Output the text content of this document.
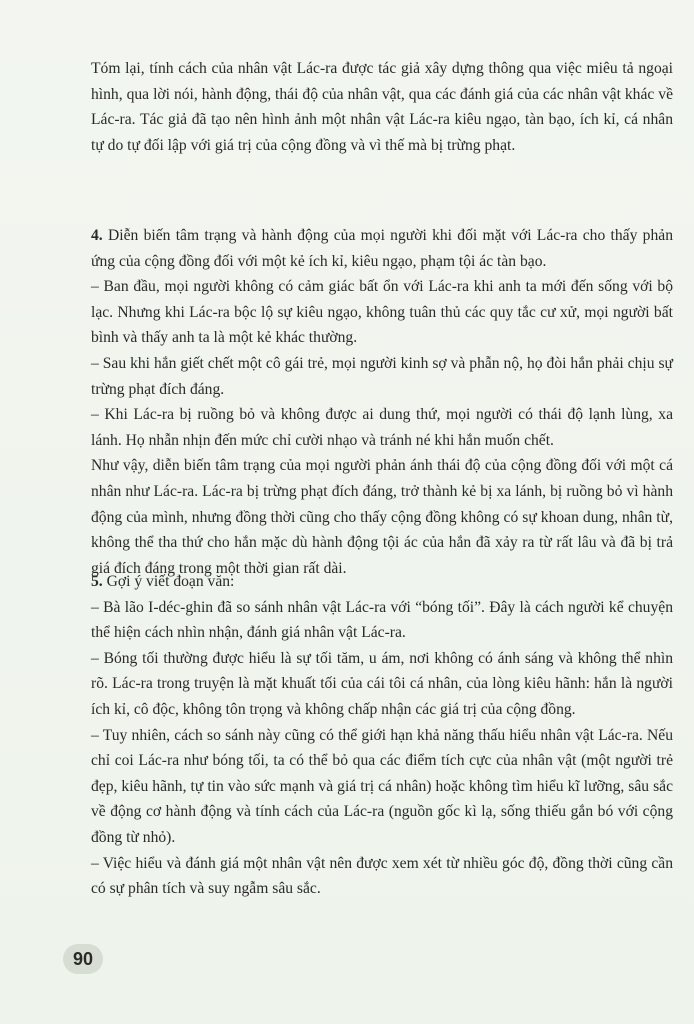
Tóm lại, tính cách của nhân vật Lác-ra được tác giả xây dựng thông qua việc miêu tả ngoại hình, qua lời nói, hành động, thái độ của nhân vật, qua các đánh giá của các nhân vật khác về Lác-ra. Tác giả đã tạo nên hình ảnh một nhân vật Lác-ra kiêu ngạo, tàn bạo, ích kỉ, cá nhân tự do tự đối lập với giá trị của cộng đồng và vì thế mà bị trừng phạt.

4. Diễn biến tâm trạng và hành động của mọi người khi đối mặt với Lác-ra cho thấy phản ứng của cộng đồng đối với một kẻ ích kỉ, kiêu ngạo, phạm tội ác tàn bạo.

– Ban đầu, mọi người không có cảm giác bất ổn với Lác-ra khi anh ta mới đến sống với bộ lạc. Nhưng khi Lác-ra bộc lộ sự kiêu ngạo, không tuân thủ các quy tắc cư xử, mọi người bất bình và thấy anh ta là một kẻ khác thường.

– Sau khi hắn giết chết một cô gái trẻ, mọi người kinh sợ và phẫn nộ, họ đòi hắn phải chịu sự trừng phạt đích đáng.

– Khi Lác-ra bị ruồng bỏ và không được ai dung thứ, mọi người có thái độ lạnh lùng, xa lánh. Họ nhẫn nhịn đến mức chỉ cười nhạo và tránh né khi hắn muốn chết.

Như vậy, diễn biến tâm trạng của mọi người phản ánh thái độ của cộng đồng đối với một cá nhân như Lác-ra. Lác-ra bị trừng phạt đích đáng, trở thành kẻ bị xa lánh, bị ruồng bỏ vì hành động của mình, nhưng đồng thời cũng cho thấy cộng đồng không có sự khoan dung, nhân từ, không thể tha thứ cho hắn mặc dù hành động tội ác của hắn đã xảy ra từ rất lâu và đã bị trả giá đích đáng trong một thời gian rất dài.

5. Gợi ý viết đoạn văn:

– Bà lão I-déc-ghin đã so sánh nhân vật Lác-ra với “bóng tối”. Đây là cách người kể chuyện thể hiện cách nhìn nhận, đánh giá nhân vật Lác-ra.

– Bóng tối thường được hiểu là sự tối tăm, u ám, nơi không có ánh sáng và không thể nhìn rõ. Lác-ra trong truyện là mặt khuất tối của cái tôi cá nhân, của lòng kiêu hãnh: hắn là người ích kỉ, cô độc, không tôn trọng và không chấp nhận các giá trị của cộng đồng.

– Tuy nhiên, cách so sánh này cũng có thể giới hạn khả năng thấu hiểu nhân vật Lác-ra. Nếu chỉ coi Lác-ra như bóng tối, ta có thể bỏ qua các điểm tích cực của nhân vật (một người trẻ đẹp, kiêu hãnh, tự tin vào sức mạnh và giá trị cá nhân) hoặc không tìm hiểu kĩ lưỡng, sâu sắc về động cơ hành động và tính cách của Lác-ra (nguồn gốc kì lạ, sống thiếu gắn bó với cộng đồng từ nhỏ).

– Việc hiểu và đánh giá một nhân vật nên được xem xét từ nhiều góc độ, đồng thời cũng cần có sự phân tích và suy ngẫm sâu sắc.

90
